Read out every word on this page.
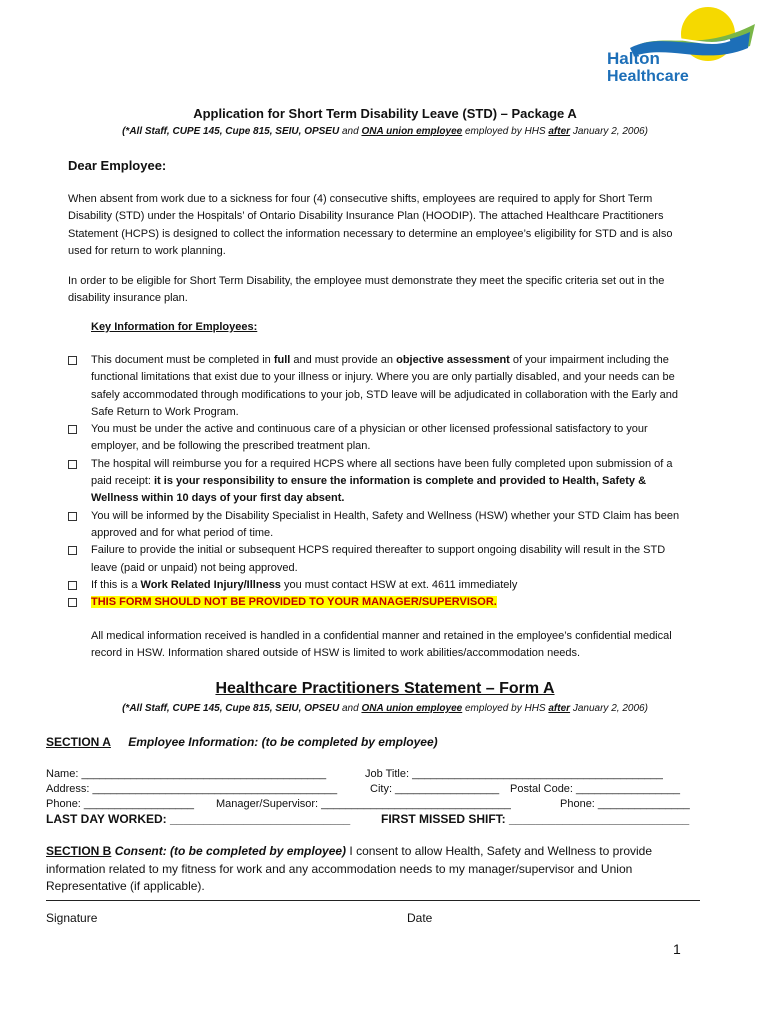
Halton
Healthcare
Application for Short Term Disability Leave (STD) – Package A
(*All Staff, CUPE 145, Cupe 815, SEIU, OPSEU and ONA union employee employed by HHS after January 2, 2006)
Dear Employee:
When absent from work due to a sickness for four (4) consecutive shifts, employees are required to apply for Short Term Disability (STD) under the Hospitals’ of Ontario Disability Insurance Plan (HOODIP). The attached Healthcare Practitioners Statement (HCPS) is designed to collect the information necessary to determine an employee’s eligibility for STD and is also used for return to work planning.
In order to be eligible for Short Term Disability, the employee must demonstrate they meet the specific criteria set out in the disability insurance plan.
Key Information for Employees:
This document must be completed in full and must provide an objective assessment of your impairment including the functional limitations that exist due to your illness or injury. Where you are only partially disabled, and your needs can be safely accommodated through modifications to your job, STD leave will be adjudicated in collaboration with the Early and Safe Return to Work Program.
You must be under the active and continuous care of a physician or other licensed professional satisfactory to your employer, and be following the prescribed treatment plan.
The hospital will reimburse you for a required HCPS where all sections have been fully completed upon submission of a paid receipt: it is your responsibility to ensure the information is complete and provided to Health, Safety & Wellness within 10 days of your first day absent.
You will be informed by the Disability Specialist in Health, Safety and Wellness (HSW) whether your STD Claim has been approved and for what period of time.
Failure to provide the initial or subsequent HCPS required thereafter to support ongoing disability will result in the STD leave (paid or unpaid) not being approved.
If this is a Work Related Injury/Illness you must contact HSW at ext. 4611 immediately
THIS FORM SHOULD NOT BE PROVIDED TO YOUR MANAGER/SUPERVISOR.
All medical information received is handled in a confidential manner and retained in the employee’s confidential medical record in HSW. Information shared outside of HSW is limited to work abilities/accommodation needs.
Healthcare Practitioners Statement – Form A
(*All Staff, CUPE 145, Cupe 815, SEIU, OPSEU and ONA union employee employed by HHS after January 2, 2006)
SECTION A Employee Information: (to be completed by employee)
Name: ________________________________________	Job Title: _________________________________________
Address: ________________________________________	City: _________________ Postal Code: _________________
Phone: __________________ Manager/Supervisor: _______________________________	Phone: _______________
LAST DAY WORKED: ___________________________	FIRST MISSED SHIFT: ___________________________
SECTION B Consent: (to be completed by employee) I consent to allow Health, Safety and Wellness to provide information related to my fitness for work and any accommodation needs to my manager/supervisor and Union Representative (if applicable).
Signature	Date
1
